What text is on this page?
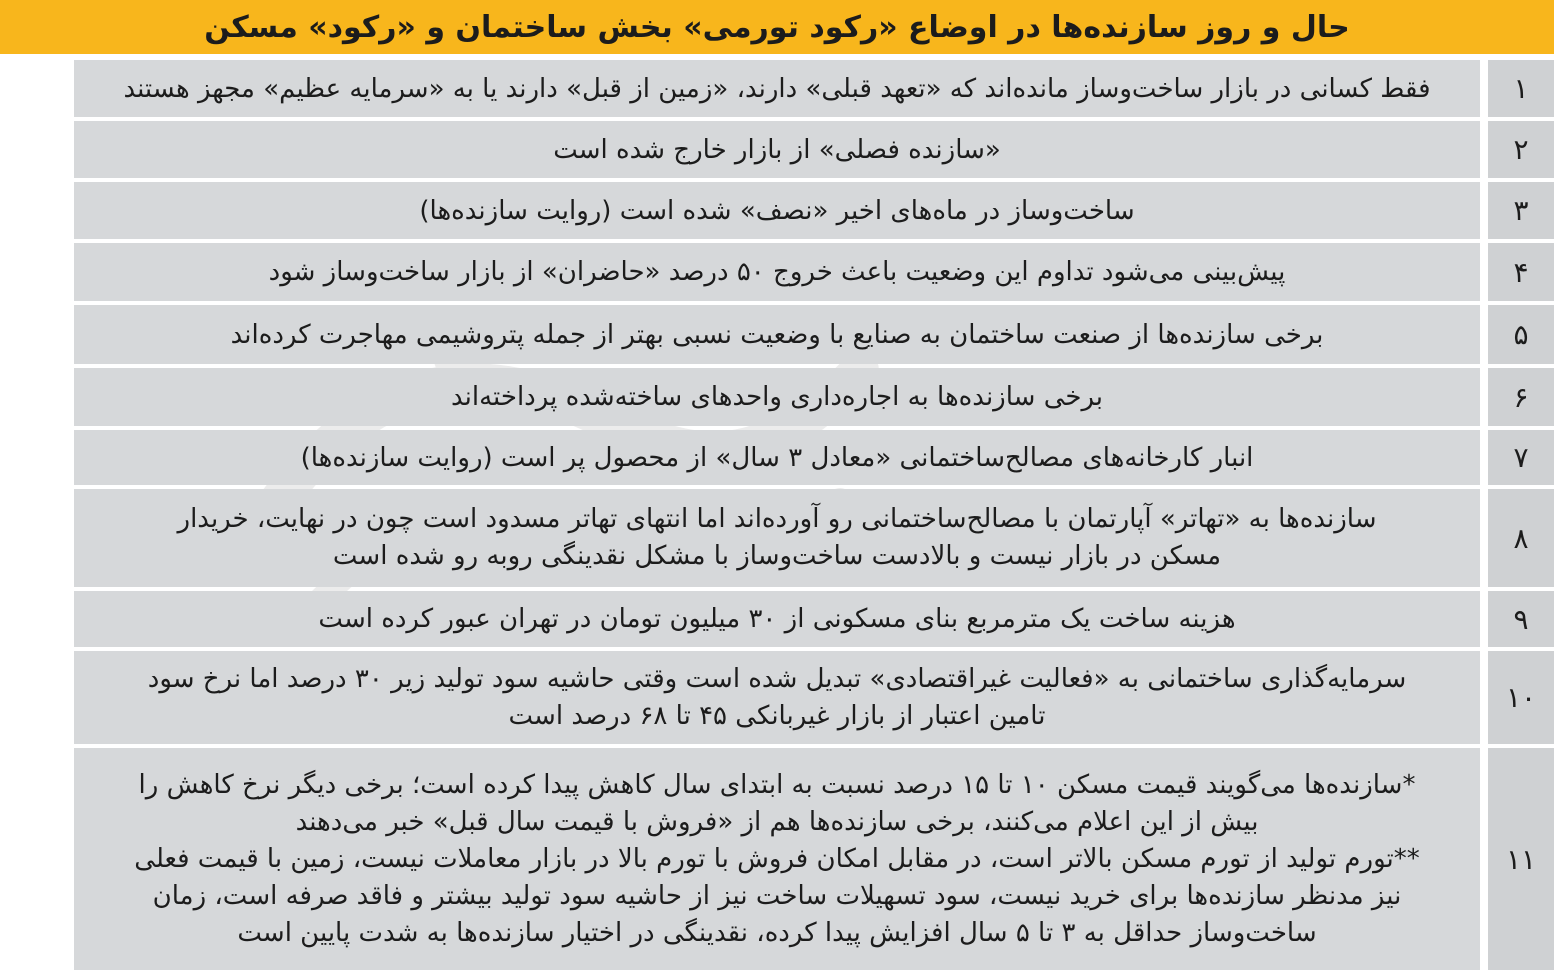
حال و روز سازنده‌ها در اوضاع «رکود تورمی» بخش ساختمان و «رکود» مسکن
۱
فقط کسانی در بازار ساخت‌وساز مانده‌اند که «تعهد قبلی» دارند، «زمین از قبل» دارند یا به «سرمایه عظیم» مجهز هستند
۲
«سازنده فصلی» از بازار خارج شده است
۳
ساخت‌وساز در ماه‌های اخیر «نصف» شده است (روایت سازنده‌ها)
۴
پیش‌بینی می‌شود تداوم این وضعیت باعث خروج ۵۰ درصد «حاضران» از بازار ساخت‌وساز شود
۵
برخی سازنده‌ها از صنعت ساختمان به صنایع با وضعیت نسبی بهتر از جمله پتروشیمی مهاجرت کرده‌اند
۶
برخی سازنده‌ها به اجاره‌داری واحدهای ساخته‌شده پرداخته‌اند
۷
انبار کارخانه‌های مصالح‌ساختمانی «معادل ۳ سال» از محصول پر است (روایت سازنده‌ها)
۸
سازنده‌ها به «تهاتر» آپارتمان با مصالح‌ساختمانی رو آورده‌اند اما انتهای تهاتر مسدود است چون در نهایت، خریدار
مسکن در بازار نیست و بالادست ساخت‌وساز با مشکل نقدینگی روبه رو شده است
۹
هزینه ساخت یک مترمربع بنای مسکونی از ۳۰ میلیون تومان در تهران عبور کرده است
۱۰
سرمایه‌گذاری ساختمانی به «فعالیت غیراقتصادی» تبدیل شده است وقتی حاشیه سود تولید زیر ۳۰ درصد اما نرخ سود
تامین اعتبار از بازار غیربانکی ۴۵ تا ۶۸ درصد است
۱۱
*سازنده‌ها می‌گویند قیمت مسکن ۱۰ تا ۱۵ درصد نسبت به ابتدای سال کاهش پیدا کرده است؛ برخی دیگر نرخ کاهش را
بیش از این اعلام می‌کنند، برخی سازنده‌ها هم از «فروش با قیمت سال قبل» خبر می‌دهند
**تورم تولید از تورم مسکن بالاتر است، در مقابل امکان فروش با تورم بالا در بازار معاملات نیست، زمین با قیمت فعلی
نیز مدنظر سازنده‌ها برای خرید نیست، سود تسهیلات ساخت نیز از حاشیه سود تولید بیشتر و فاقد صرفه است، زمان
ساخت‌وساز حداقل به ۳ تا ۵ سال افزایش پیدا کرده، نقدینگی در اختیار سازنده‌ها به شدت پایین است
